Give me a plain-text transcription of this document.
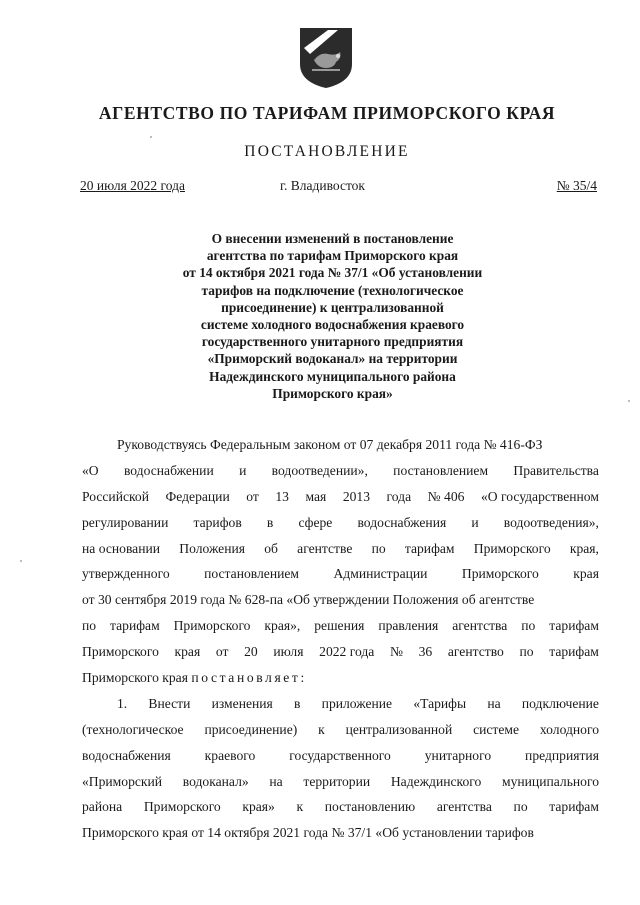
АГЕНТСТВО ПО ТАРИФАМ ПРИМОРСКОГО КРАЯ
ПОСТАНОВЛЕНИЕ
20 июля 2022 года	г. Владивосток	№ 35/4
О внесении изменений в постановление
агентства по тарифам Приморского края
от 14 октября 2021 года № 37/1 «Об установлении
тарифов на подключение (технологическое
присоединение) к централизованной
системе холодного водоснабжения краевого
государственного унитарного предприятия
«Приморский водоканал» на территории
Надеждинского муниципального района
Приморского края»
Руководствуясь Федеральным законом от 07 декабря 2011 года № 416-ФЗ
«О водоснабжении и водоотведении», постановлением Правительства
Российской Федерации от 13 мая 2013 года № 406 «О государственном
регулировании тарифов в сфере водоснабжения и водоотведения»,
на основании Положения об агентстве по тарифам Приморского края,
утвержденного	постановлением	Администрации	Приморского	края
от 30 сентября 2019 года № 628-па «Об утверждении Положения об агентстве
по тарифам Приморского края», решения правления агентства по тарифам
Приморского края от 20 июля 2022 года № 36 агентство по тарифам
Приморского края постановляет:
1. Внести изменения в приложение «Тарифы на подключение
(технологическое присоединение) к централизованной системе холодного
водоснабжения краевого государственного унитарного предприятия
«Приморский водоканал» на территории Надеждинского муниципального
района Приморского края» к постановлению агентства по тарифам
Приморского края от 14 октября 2021 года № 37/1 «Об установлении тарифов
